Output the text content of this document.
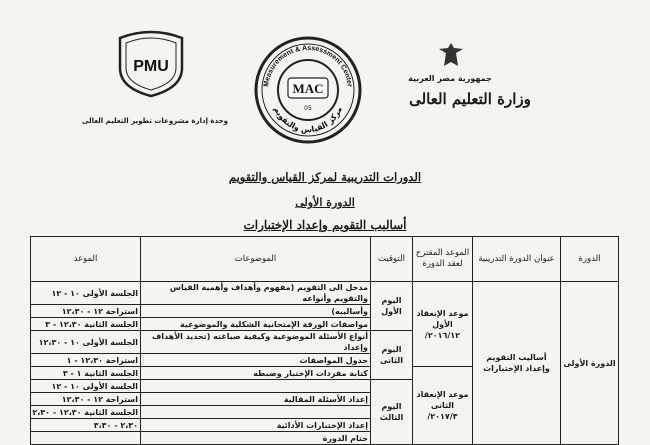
PMU
وحدة إدارة مشروعات تطوير التعليم العالى
Measurement & Assessment Center
مركز القياس والتقويم
MAC
05
جمهورية مصر العربية
وزارة التعليم العالى
الدورات التدريبية لمركز القياس والتقويم
الدورة الأولى
أساليب التقويم وإعداد الإختبارات
الدورة	عنوان الدورة التدريبية	الموعد المقترح لعقد الدورة	التوقيت	الموضوعات	الموعد
الدورة الأولى	أساليب التقويم وإعداد الإختبارات	موعد الإنعقاد الأول ٢٠١٦/١٢/	اليوم الأول	مدخل الى التقويم (مفهوم وأهداف وأهمية القياس والتقويم وأنواعه	الجلسة الأولى ١٠ - ١٢
				وأساليبه)	استراحة ١٢ - ١٢،٣٠
				مواصفات الورقة الإمتحانية الشكلية والموضوعية	الجلسة الثانية ١٢،٣٠ - ٣
			اليوم الثانى	أنواع الأسئلة الموضوعية وكيفية صياغته (تحديد الأهداف وإعداد	الجلسة الأولى ١٠ - ١٢،٣٠
				جدول المواصفات	استراحة ١٢،٣٠ - ١
		موعد الإنعقاد الثانى ٢٠١٧/٣/		كتابة مفردات الإختبار وضبطه	الجلسة الثانية ١ - ٣
			اليوم الثالث		الجلسة الأولى ١٠ - ١٢
				إعداد الأسئلة المقالية	استراحة ١٢ - ١٢،٣٠
					الجلسة الثانية ١٢،٣٠ - ٢،٣٠
				إعداد الإختبارات الأدائية	٢،٣٠ - ٣،٣٠
				ختام الدورة	
